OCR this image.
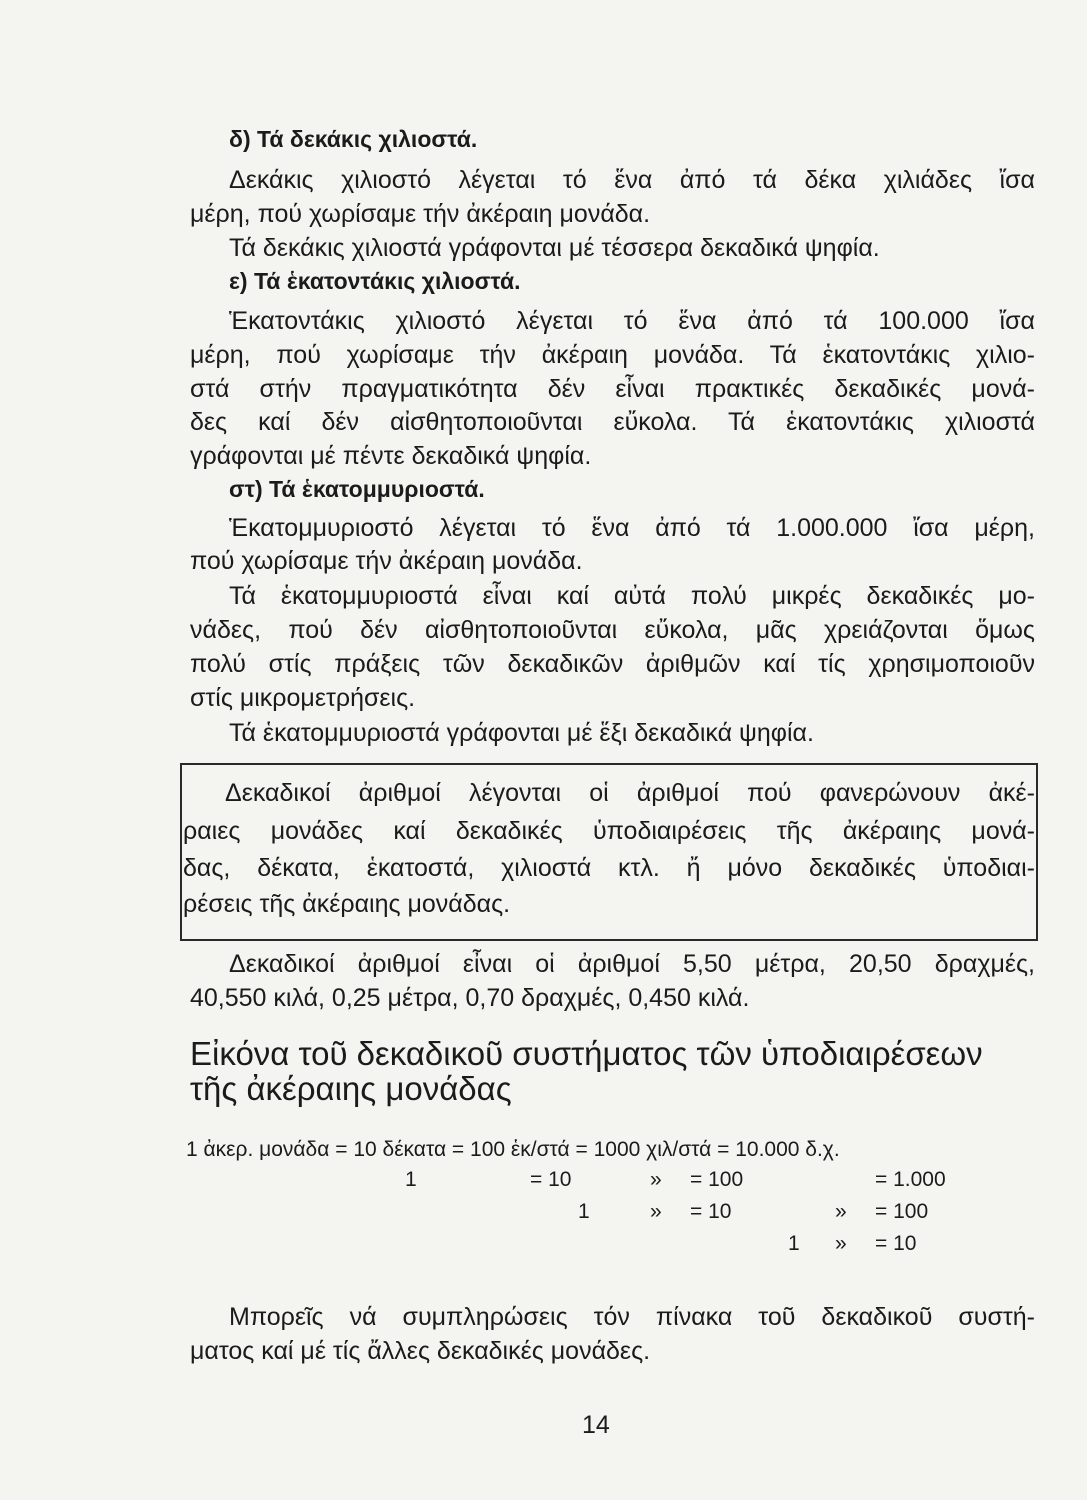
δ) Τά δεκάκις χιλιοστά.
Δεκάκις χιλιοστό λέγεται τό ἕνα ἀπό τά δέκα χιλιάδες ἴσα
μέρη, πού χωρίσαμε τήν ἀκέραιη μονάδα.
Τά δεκάκις χιλιοστά γράφονται μέ τέσσερα δεκαδικά ψηφία.
ε) Τά ἑκατοντάκις χιλιοστά.
Ἑκατοντάκις χιλιοστό λέγεται τό ἕνα ἀπό τά 100.000 ἴσα
μέρη, πού χωρίσαμε τήν ἀκέραιη μονάδα. Τά ἑκατοντάκις χιλιο-
στά στήν πραγματικότητα δέν εἶναι πρακτικές δεκαδικές μονά-
δες καί δέν αἰσθητοποιοῦνται εὔκολα. Τά ἑκατοντάκις χιλιοστά
γράφονται μέ πέντε δεκαδικά ψηφία.
στ) Τά ἑκατομμυριοστά.
Ἑκατομμυριοστό λέγεται τό ἕνα ἀπό τά 1.000.000 ἴσα μέρη,
πού χωρίσαμε τήν ἀκέραιη μονάδα.
Τά ἑκατομμυριοστά εἶναι καί αὐτά πολύ μικρές δεκαδικές μο-
νάδες, πού δέν αἰσθητοποιοῦνται εὔκολα, μᾶς χρειάζονται ὅμως
πολύ στίς πράξεις τῶν δεκαδικῶν ἀριθμῶν καί τίς χρησιμοποιοῦν
στίς μικρομετρήσεις.
Τά ἑκατομμυριοστά γράφονται μέ ἕξι δεκαδικά ψηφία.
Δεκαδικοί ἀριθμοί λέγονται οἱ ἀριθμοί πού φανερώνουν ἀκέ-
ραιες μονάδες καί δεκαδικές ὑποδιαιρέσεις τῆς ἀκέραιης μονά-
δας, δέκατα, ἑκατοστά, χιλιοστά κτλ. ἤ μόνο δεκαδικές ὑποδιαι-
ρέσεις τῆς ἀκέραιης μονάδας.
Δεκαδικοί ἀριθμοί εἶναι οἱ ἀριθμοί 5,50 μέτρα, 20,50 δραχμές,
40,550 κιλά, 0,25 μέτρα, 0,70 δραχμές, 0,450 κιλά.
Εἰκόνα τοῦ δεκαδικοῦ συστήματος τῶν ὑποδιαιρέσεων
τῆς ἀκέραιης μονάδας
1 ἀκερ. μονάδα = 10 δέκατα = 100 ἑκ/στά = 1000 χιλ/στά = 10.000 δ.χ.
1	= 10	» = 100	= 1.000
1	» = 10	» = 100
1 » = 10
Μπορεῖς νά συμπληρώσεις τόν πίνακα τοῦ δεκαδικοῦ συστή-
ματος καί μέ τίς ἄλλες δεκαδικές μονάδες.
14
